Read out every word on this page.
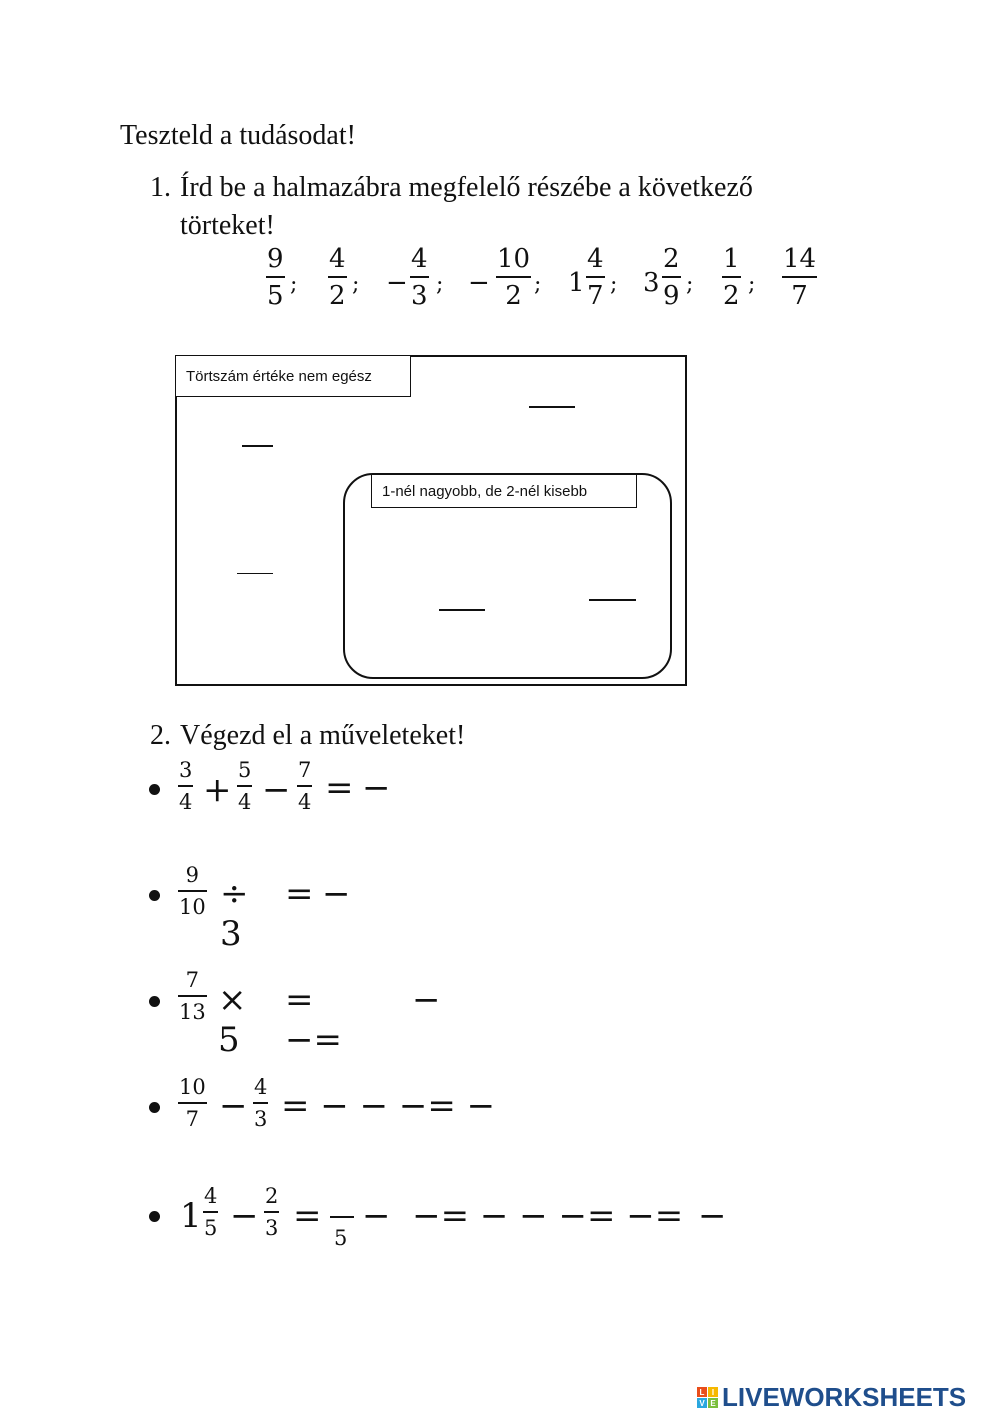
Teszteld a tudásodat!
1. Írd be a halmazábra megfelelő részébe a következő
törteket!
9
5 ;
4
2 ; −
4
3 ; −
10
2 ; 1
4
7 ; 3
2
9 ;
1
2 ;
14
7
Törtszám értéke nem egész
1-nél nagyobb, de 2-nél kisebb
2. Végezd el a műveleteket!
3
4 + 5
4 − 7
4 = −
9
10 ÷ 3
= −
7
13 × 5
= −=
−
10
7 − 4
3 = − − −= −
1 4
5 − 2
3 =
5
−  −= − − −= −= −
L I
V E LIVEWORKSHEETS
